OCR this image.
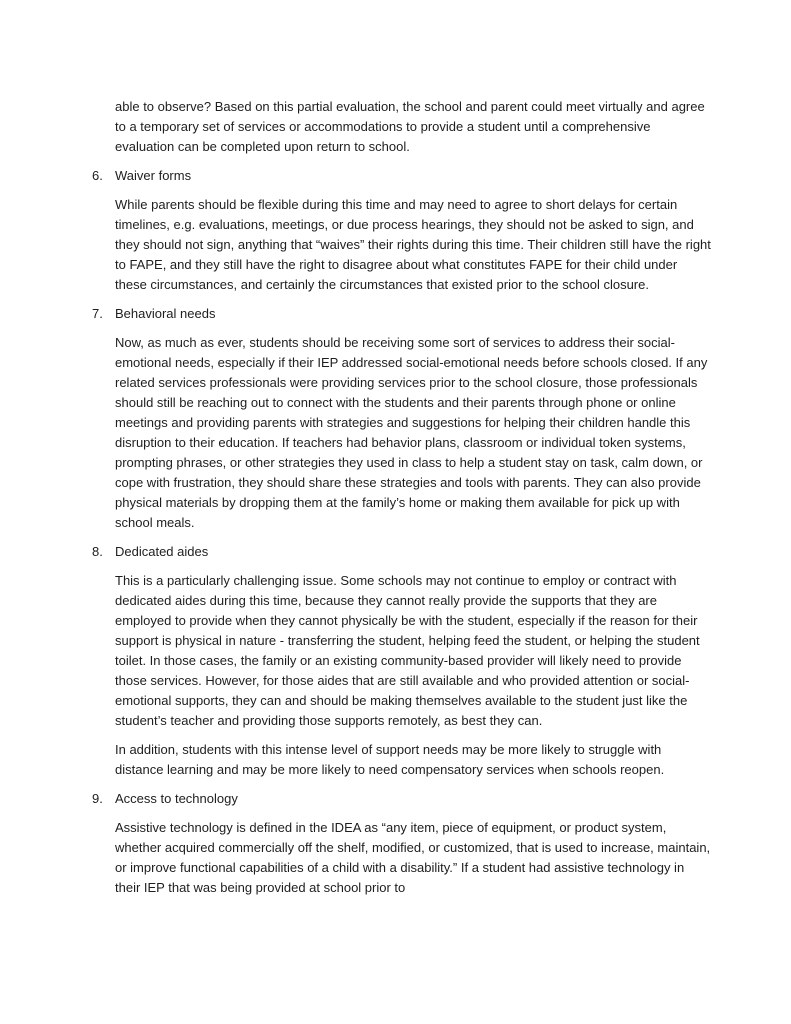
able to observe? Based on this partial evaluation, the school and parent could meet virtually and agree to a temporary set of services or accommodations to provide a student until a comprehensive evaluation can be completed upon return to school.

6. Waiver forms

While parents should be flexible during this time and may need to agree to short delays for certain timelines, e.g. evaluations, meetings, or due process hearings, they should not be asked to sign, and they should not sign, anything that “waives” their rights during this time. Their children still have the right to FAPE, and they still have the right to disagree about what constitutes FAPE for their child under these circumstances, and certainly the circumstances that existed prior to the school closure.

7. Behavioral needs

Now, as much as ever, students should be receiving some sort of services to address their social-emotional needs, especially if their IEP addressed social-emotional needs before schools closed. If any related services professionals were providing services prior to the school closure, those professionals should still be reaching out to connect with the students and their parents through phone or online meetings and providing parents with strategies and suggestions for helping their children handle this disruption to their education. If teachers had behavior plans, classroom or individual token systems, prompting phrases, or other strategies they used in class to help a student stay on task, calm down, or cope with frustration, they should share these strategies and tools with parents. They can also provide physical materials by dropping them at the family’s home or making them available for pick up with school meals.

8. Dedicated aides

This is a particularly challenging issue. Some schools may not continue to employ or contract with dedicated aides during this time, because they cannot really provide the supports that they are employed to provide when they cannot physically be with the student, especially if the reason for their support is physical in nature - transferring the student, helping feed the student, or helping the student toilet. In those cases, the family or an existing community-based provider will likely need to provide those services. However, for those aides that are still available and who provided attention or social-emotional supports, they can and should be making themselves available to the student just like the student’s teacher and providing those supports remotely, as best they can.

In addition, students with this intense level of support needs may be more likely to struggle with distance learning and may be more likely to need compensatory services when schools reopen.

9. Access to technology

Assistive technology is defined in the IDEA as “any item, piece of equipment, or product system, whether acquired commercially off the shelf, modified, or customized, that is used to increase, maintain, or improve functional capabilities of a child with a disability.” If a student had assistive technology in their IEP that was being provided at school prior to
